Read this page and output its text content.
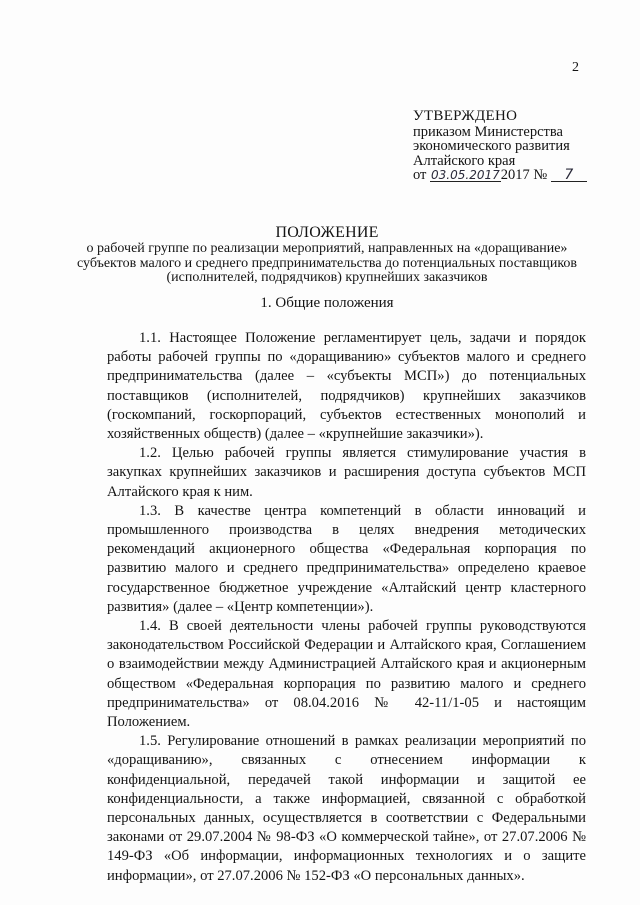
2
УТВЕРЖДЕНО
приказом Министерства
экономического развития
Алтайского края
от 03.05.20172017 № 7
ПОЛОЖЕНИЕ
о рабочей группе по реализации мероприятий, направленных на «доращивание» субъектов малого и среднего предпринимательства до потенциальных поставщиков (исполнителей, подрядчиков) крупнейших заказчиков
1. Общие положения

1.1. Настоящее Положение регламентирует цель, задачи и порядок работы рабочей группы по «доращиванию» субъектов малого и среднего предпринимательства (далее – «субъекты МСП») до потенциальных поставщиков (исполнителей, подрядчиков) крупнейших заказчиков (госкомпаний, госкорпораций, субъектов естественных монополий и хозяйственных обществ) (далее – «крупнейшие заказчики»).

1.2. Целью рабочей группы является стимулирование участия в закупках крупнейших заказчиков и расширения доступа субъектов МСП Алтайского края к ним.

1.3. В качестве центра компетенций в области инноваций и промышленного производства в целях внедрения методических рекомендаций акционерного общества «Федеральная корпорация по развитию малого и среднего предпринимательства» определено краевое государственное бюджетное учреждение «Алтайский центр кластерного развития» (далее – «Центр компетенции»).

1.4. В своей деятельности члены рабочей группы руководствуются законодательством Российской Федерации и Алтайского края, Соглашением о взаимодействии между Администрацией Алтайского края и акционерным обществом «Федеральная корпорация по развитию малого и среднего предпринимательства» от 08.04.2016 № 42-11/1-05 и настоящим Положением.

1.5. Регулирование отношений в рамках реализации мероприятий по «доращиванию», связанных с отнесением информации к конфиденциальной, передачей такой информации и защитой ее конфиденциальности, а также информацией, связанной с обработкой персональных данных, осуществляется в соответствии с Федеральными законами от 29.07.2004 № 98-ФЗ «О коммерческой тайне», от 27.07.2006 № 149-ФЗ «Об информации, информационных технологиях и о защите информации», от 27.07.2006 № 152-ФЗ «О персональных данных».
